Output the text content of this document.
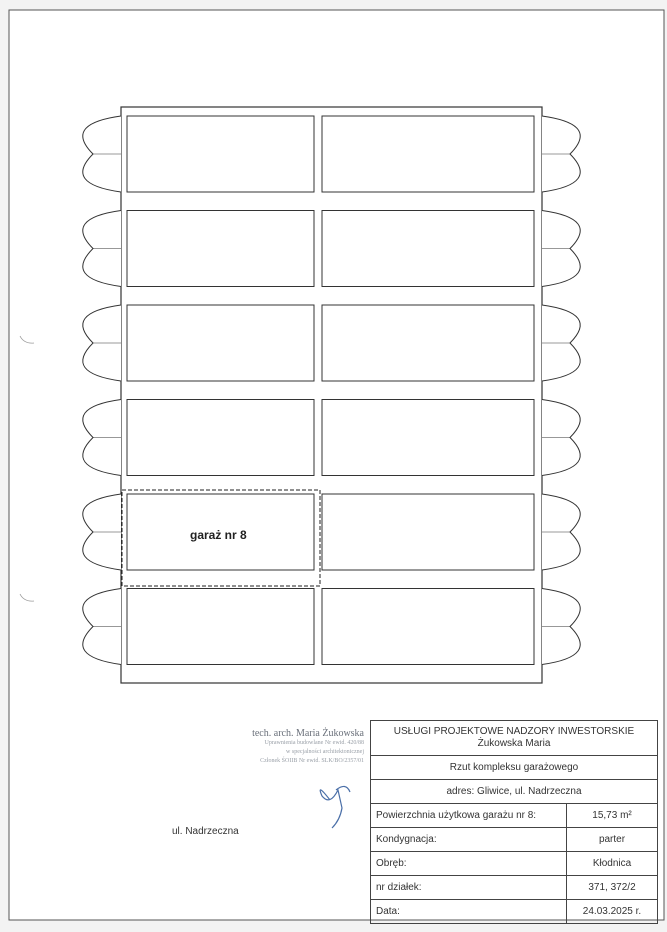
garaż nr 8
tech. arch. Maria Żukowska
Uprawnienia budowlane Nr ewid. 420/88
w specjalności architektonicznej
Członek ŚOIIB Nr ewid. SLK/BO/2357/01
ul. Nadrzeczna
USŁUGI PROJEKTOWE NADZORY INWESTORSKIE
Żukowska Maria	

Rzut kompleksu garażowego	
adres: Gliwice, ul. Nadrzeczna	
Powierzchnia użytkowa garażu nr 8:	15,73 m²
Kondygnacja:	parter
Obręb:	Kłodnica
nr działek:	371, 372/2
Data:	24.03.2025 r.
